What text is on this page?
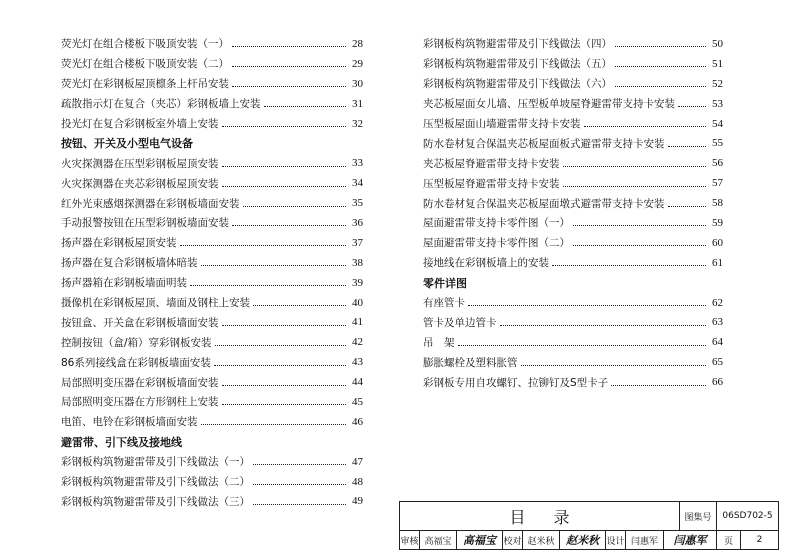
荧光灯在组合楼板下吸顶安装（一）	28
荧光灯在组合楼板下吸顶安装（二）	29
荧光灯在彩钢板屋顶檩条上杆吊安装	30
疏散指示灯在复合（夹芯）彩钢板墙上安装	31
投光灯在复合彩钢板室外墙上安装	32
按钮、开关及小型电气设备
火灾探测器在压型彩钢板屋顶安装	33
火灾探测器在夹芯彩钢板屋顶安装	34
红外光束感烟探测器在彩钢板墙面安装	35
手动报警按钮在压型彩钢板墙面安装	36
扬声器在彩钢板屋顶安装	37
扬声器在复合彩钢板墙体暗装	38
扬声器箱在彩钢板墙面明装	39
摄像机在彩钢板屋顶、墙面及钢柱上安装	40
按钮盒、开关盒在彩钢板墙面安装	41
控制按钮（盒/箱）穿彩钢板安装	42
86系列接线盒在彩钢板墙面安装	43
局部照明变压器在彩钢板墙面安装	44
局部照明变压器在方形钢柱上安装	45
电笛、电铃在彩钢板墙面安装	46
避雷带、引下线及接地线
彩钢板构筑物避雷带及引下线做法（一）	47
彩钢板构筑物避雷带及引下线做法（二）	48
彩钢板构筑物避雷带及引下线做法（三）	49
彩钢板构筑物避雷带及引下线做法（四）	50
彩钢板构筑物避雷带及引下线做法（五）	51
彩钢板构筑物避雷带及引下线做法（六）	52
夹芯板屋面女儿墙、压型板单坡屋脊避雷带支持卡安装	53
压型板屋面山墙避雷带支持卡安装	54
防水卷材复合保温夹芯板屋面板式避雷带支持卡安装	55
夹芯板屋脊避雷带支持卡安装	56
压型板屋脊避雷带支持卡安装	57
防水卷材复合保温夹芯板屋面墩式避雷带支持卡安装	58
屋面避雷带支持卡零件图（一）	59
屋面避雷带支持卡零件图（二）	60
接地线在彩钢板墙上的安装	61
零件详图
有座管卡	62
管卡及单边管卡	63
吊　架	64
膨胀螺栓及塑料胀管	65
彩钢板专用自攻螺钉、拉铆钉及S型卡子	66
目录	图集号	06SD702-5
审核 高福宝	高福宝 校对 赵米秋	赵米秋 设计 闫惠军	闫惠军	页	2
